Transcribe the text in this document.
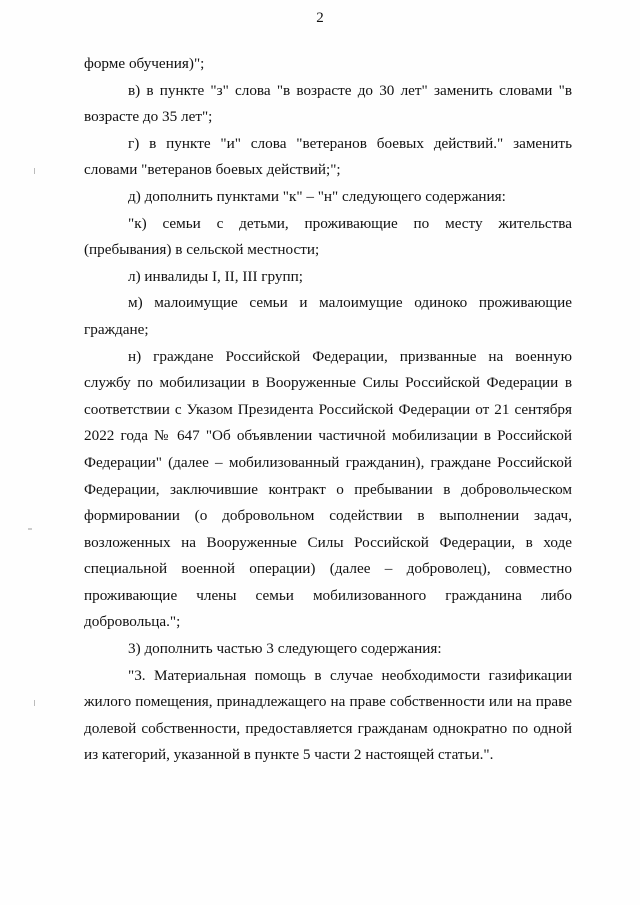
2

форме обучения)";

в) в пункте "з" слова "в возрасте до 30 лет" заменить словами "в возрасте до 35 лет";

г) в пункте "и" слова "ветеранов боевых действий." заменить словами "ветеранов боевых действий;";

д) дополнить пунктами "к" – "н" следующего содержания:

"к) семьи с детьми, проживающие по месту жительства (пребывания) в сельской местности;

л) инвалиды I, II, III групп;

м) малоимущие семьи и малоимущие одиноко проживающие граждане;

н) граждане Российской Федерации, призванные на военную службу по мобилизации в Вооруженные Силы Российской Федерации в соответствии с Указом Президента Российской Федерации от 21 сентября 2022 года № 647 "Об объявлении частичной мобилизации в Российской Федерации" (далее – мобилизованный гражданин), граждане Российской Федерации, заключившие контракт о пребывании в добровольческом формировании (о добровольном содействии в выполнении задач, возложенных на Вооруженные Силы Российской Федерации, в ходе специальной военной операции) (далее – доброволец), совместно проживающие члены семьи мобилизованного гражданина либо добровольца.";

3) дополнить частью 3 следующего содержания:

"3. Материальная помощь в случае необходимости газификации жилого помещения, принадлежащего на праве собственности или на праве долевой собственности, предоставляется гражданам однократно по одной из категорий, указанной в пункте 5 части 2 настоящей статьи.".
